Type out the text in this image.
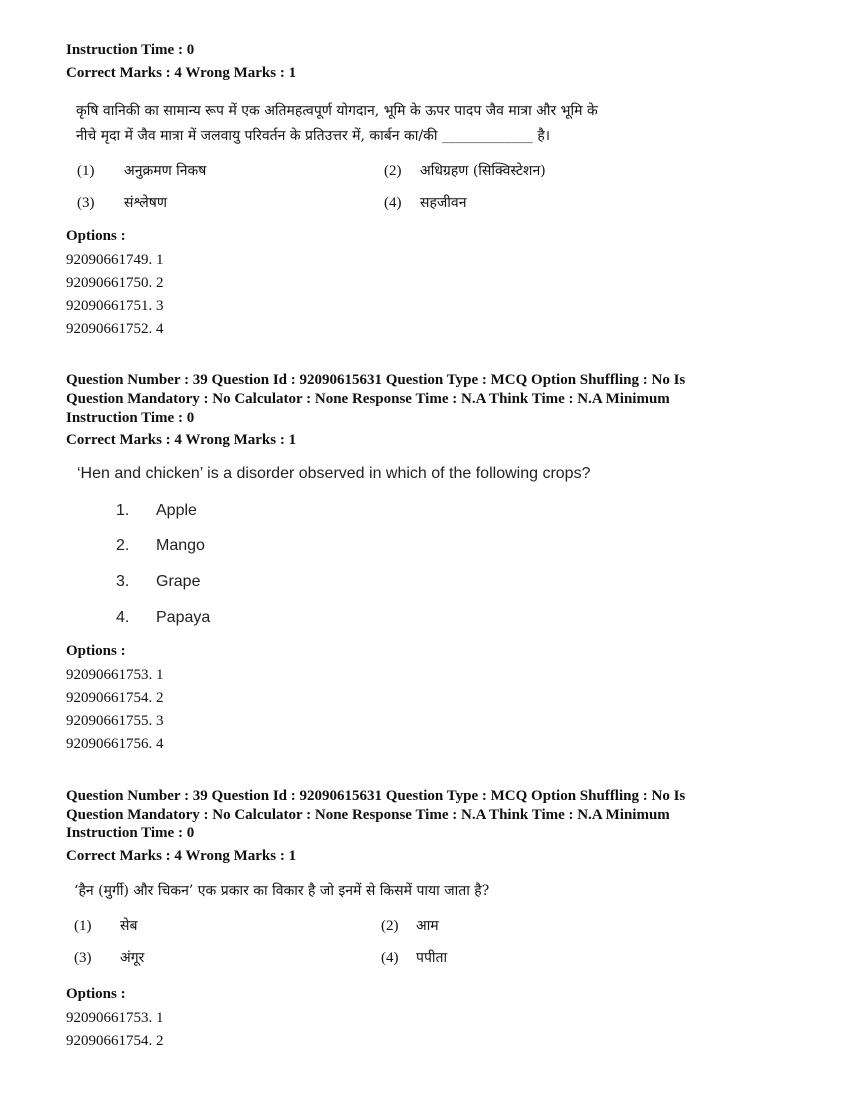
Instruction Time : 0
Correct Marks : 4 Wrong Marks : 1
कृषि वानिकी का सामान्य रूप में एक अतिमहत्वपूर्ण योगदान, भूमि के ऊपर पादप जैव मात्रा और भूमि के
नीचे मृदा में जैव मात्रा में जलवायु परिवर्तन के प्रतिउत्तर में, कार्बन का/की _____________ है।
(1) अनुक्रमण निकष	(2) अधिग्रहण (सिक्विस्टेशन)
(3) संश्लेषण	(4) सहजीवन
Options :
92090661749. 1
92090661750. 2
92090661751. 3
92090661752. 4
Question Number : 39 Question Id : 92090615631 Question Type : MCQ Option Shuffling : No Is
Question Mandatory : No Calculator : None Response Time : N.A Think Time : N.A Minimum
Instruction Time : 0
Correct Marks : 4 Wrong Marks : 1
‘Hen and chicken’ is a disorder observed in which of the following crops?
1. Apple
2. Mango
3. Grape
4. Papaya
Options :
92090661753. 1
92090661754. 2
92090661755. 3
92090661756. 4
Question Number : 39 Question Id : 92090615631 Question Type : MCQ Option Shuffling : No Is
Question Mandatory : No Calculator : None Response Time : N.A Think Time : N.A Minimum
Instruction Time : 0
Correct Marks : 4 Wrong Marks : 1
‘हैन (मुर्गी) और चिकन’ एक प्रकार का विकार है जो इनमें से किसमें पाया जाता है?
(1) सेब	(2) आम
(3) अंगूर	(4) पपीता
Options :
92090661753. 1
92090661754. 2
